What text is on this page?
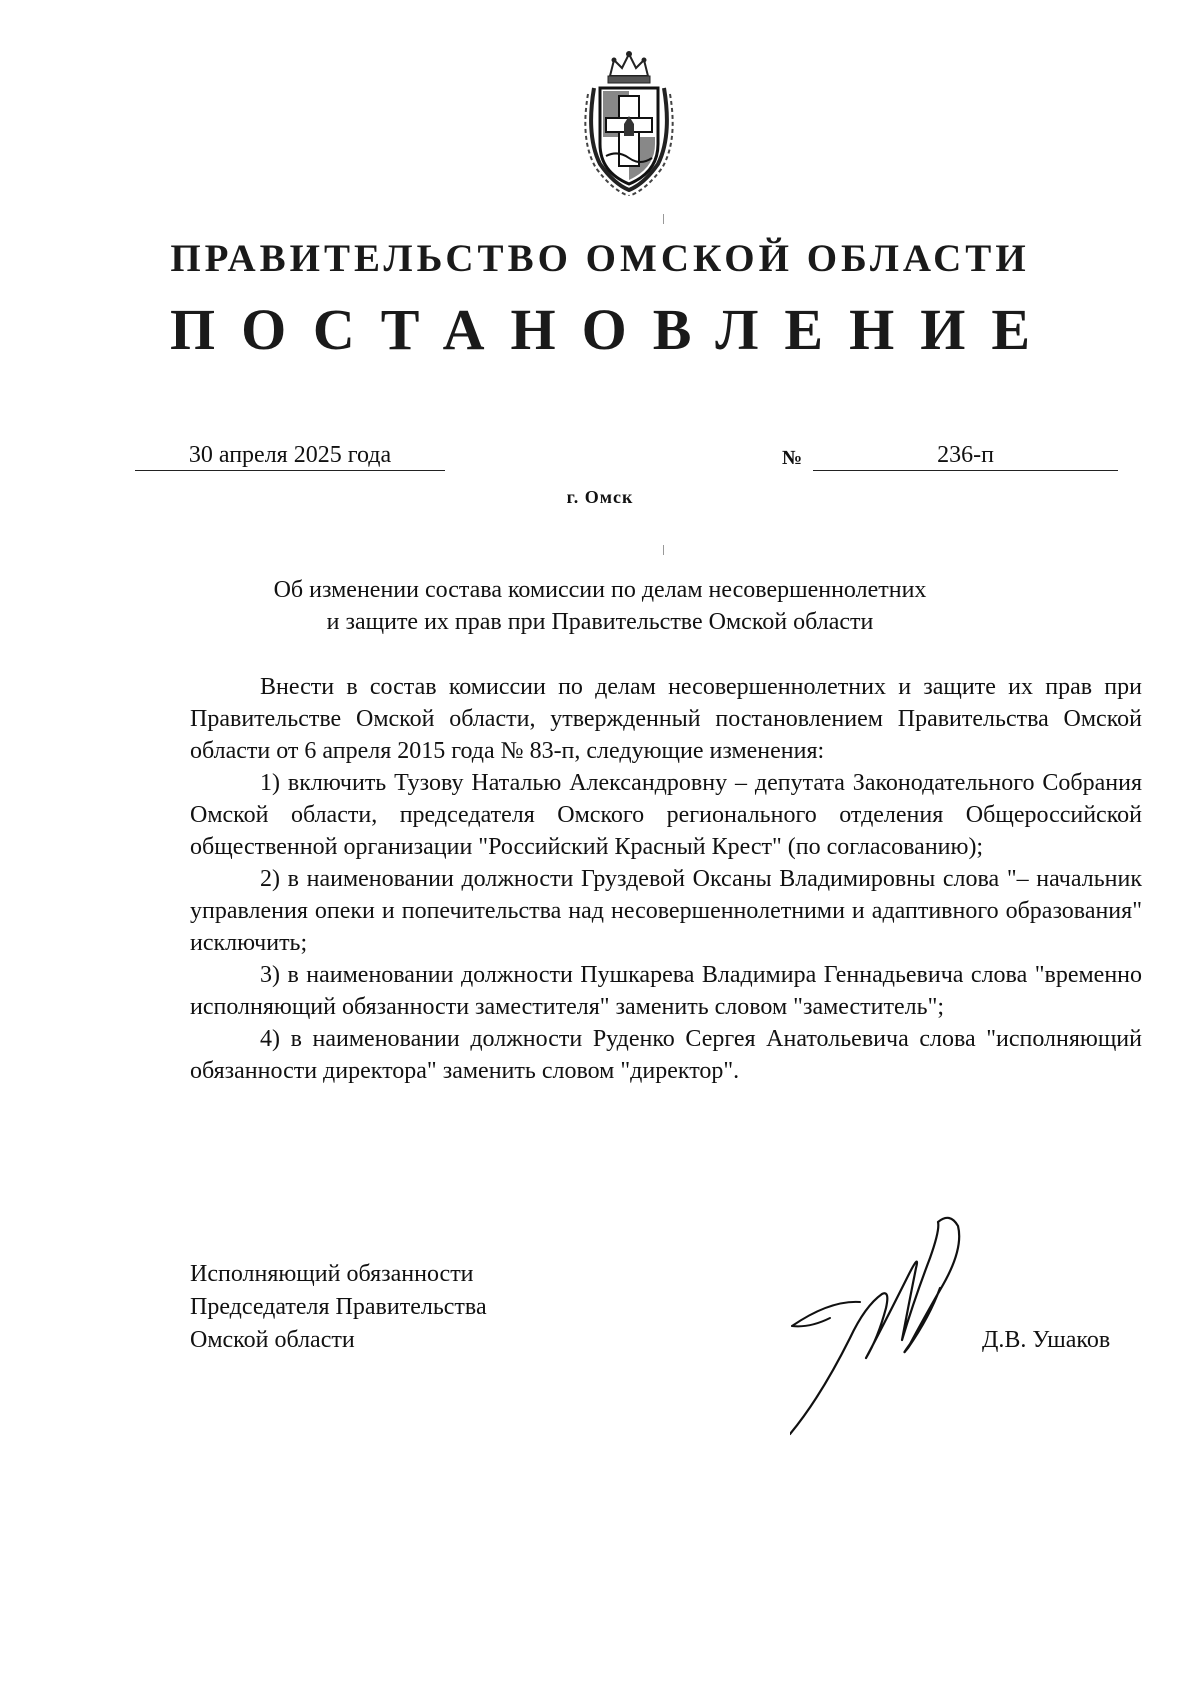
ПРАВИТЕЛЬСТВО ОМСКОЙ ОБЛАСТИ
ПОСТАНОВЛЕНИЕ
30 апреля 2025 года	№	236-п
г. Омск
Об изменении состава комиссии по делам несовершеннолетних
и защите их прав при Правительстве Омской области

Внести в состав комиссии по делам несовершеннолетних и защите их прав при Правительстве Омской области, утвержденный постановлением Правительства Омской области от 6 апреля 2015 года № 83-п, следующие изменения:

1) включить Тузову Наталью Александровну – депутата Законодательного Собрания Омской области, председателя Омского регионального отделения Общероссийской общественной организации "Российский Красный Крест" (по согласованию);

2) в наименовании должности Груздевой Оксаны Владимировны слова "– начальник управления опеки и попечительства над несовершеннолетними и адаптивного образования" исключить;

3) в наименовании должности Пушкарева Владимира Геннадьевича слова "временно исполняющий обязанности заместителя" заменить словом "заместитель";

4) в наименовании должности Руденко Сергея Анатольевича слова "исполняющий обязанности директора" заменить словом "директор".

Исполняющий обязанности
Председателя Правительства
Омской области	Д.В. Ушаков
